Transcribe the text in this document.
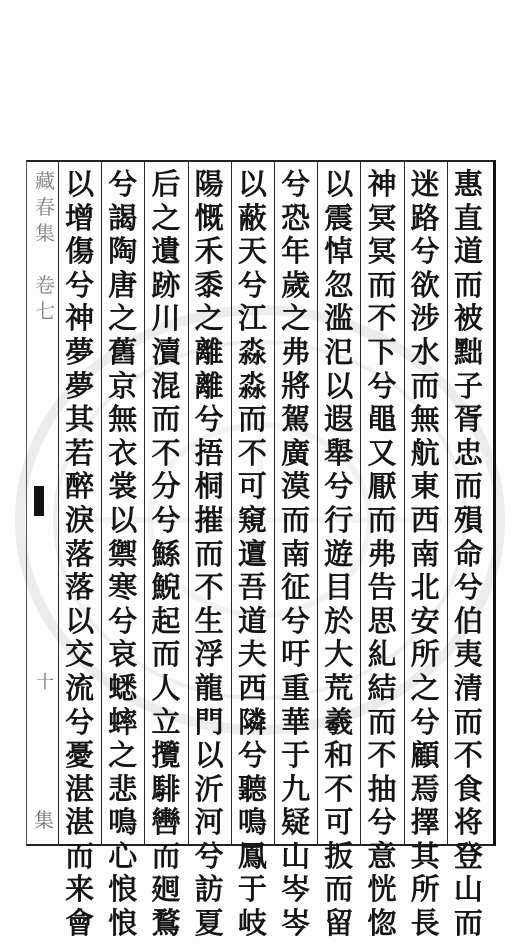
藏
春
集

卷
七
十
集
惠
直
道
而
被
黜
子
胥
忠
而
殞
命
兮
伯
夷
清
而
不
食
将
登
山
而
迷
路
兮
欲
涉
水
而
無
航
東
西
南
北
安
所
之
兮
顧
焉
擇
其
所
長
神
冥
冥
而
不
下
兮
黽
又
厭
而
弗
告
思
糺
結
而
不
抽
兮
意
恍
惚
以
震
悼
忽
滥
汜
以
遐
舉
兮
行
遊
目
於
大
荒
羲
和
不
可
扳
而
留
兮
恐
年
歲
之
弗
將
駕
廣
漠
而
南
征
兮
吁
重
華
于
九
疑
山
岑
岑
以
蔽
天
兮
江
淼
淼
而
不
可
窺
邅
吾
道
夫
西
隣
兮
聽
鳴
鳳
于
岐
陽
慨
禾
黍
之
離
離
兮
捂
桐
摧
而
不
生
浮
龍
門
以
沂
河
兮
訪
夏
后
之
遺
跡
川
瀆
混
而
不
分
兮
鯀
鯢
起
而
人
立
攬
騑
轡
而
𢌞
鶩
兮
謁
陶
唐
之
舊
京
無
衣
裳
以
禦
寒
兮
哀
蟋
蟀
之
悲
鳴
心
悢
悢
以
增
傷
兮
神
夢
夢
其
若
醉
淚
落
落
以
交
流
兮
憂
湛
湛
而
来
會
